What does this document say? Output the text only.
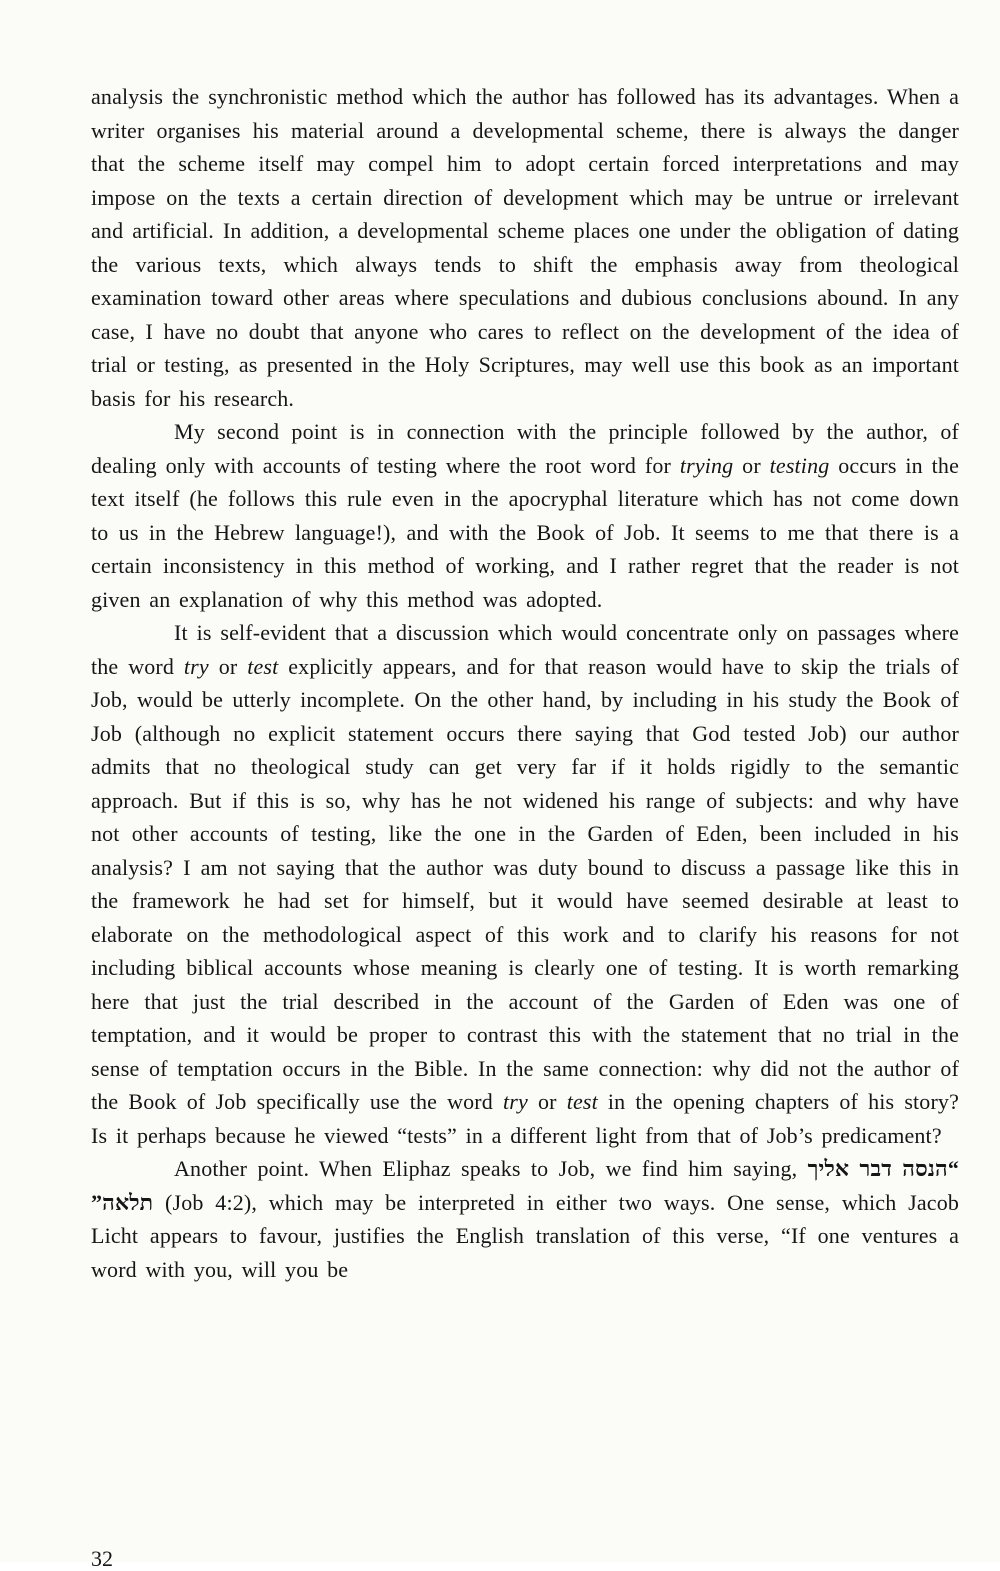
analysis the synchronistic method which the author has followed has its advantages. When a writer organises his material around a developmental scheme, there is always the danger that the scheme itself may compel him to adopt certain forced interpretations and may impose on the texts a certain direction of development which may be untrue or irrelevant and artificial. In addition, a developmental scheme places one under the obligation of dating the various texts, which always tends to shift the emphasis away from theological examination toward other areas where speculations and dubious conclusions abound. In any case, I have no doubt that anyone who cares to reflect on the development of the idea of trial or testing, as presented in the Holy Scriptures, may well use this book as an important basis for his research.

My second point is in connection with the principle followed by the author, of dealing only with accounts of testing where the root word for trying or testing occurs in the text itself (he follows this rule even in the apocryphal literature which has not come down to us in the Hebrew language!), and with the Book of Job. It seems to me that there is a certain inconsistency in this method of working, and I rather regret that the reader is not given an explanation of why this method was adopted.

It is self-evident that a discussion which would concentrate only on passages where the word try or test explicitly appears, and for that reason would have to skip the trials of Job, would be utterly incomplete. On the other hand, by including in his study the Book of Job (although no explicit statement occurs there saying that God tested Job) our author admits that no theological study can get very far if it holds rigidly to the semantic approach. But if this is so, why has he not widened his range of subjects: and why have not other accounts of testing, like the one in the Garden of Eden, been included in his analysis? I am not saying that the author was duty bound to discuss a passage like this in the framework he had set for himself, but it would have seemed desirable at least to elaborate on the methodological aspect of this work and to clarify his reasons for not including biblical accounts whose meaning is clearly one of testing. It is worth remarking here that just the trial described in the account of the Garden of Eden was one of temptation, and it would be proper to contrast this with the statement that no trial in the sense of temptation occurs in the Bible. In the same connection: why did not the author of the Book of Job specifically use the word try or test in the opening chapters of his story? Is it perhaps because he viewed “tests” in a different light from that of Job’s predicament?

Another point. When Eliphaz speaks to Job, we find him saying, “הנסה דבר אליך תלאה” (Job 4:2), which may be interpreted in either two ways. One sense, which Jacob Licht appears to favour, justifies the English translation of this verse, “If one ventures a word with you, will you be

32
